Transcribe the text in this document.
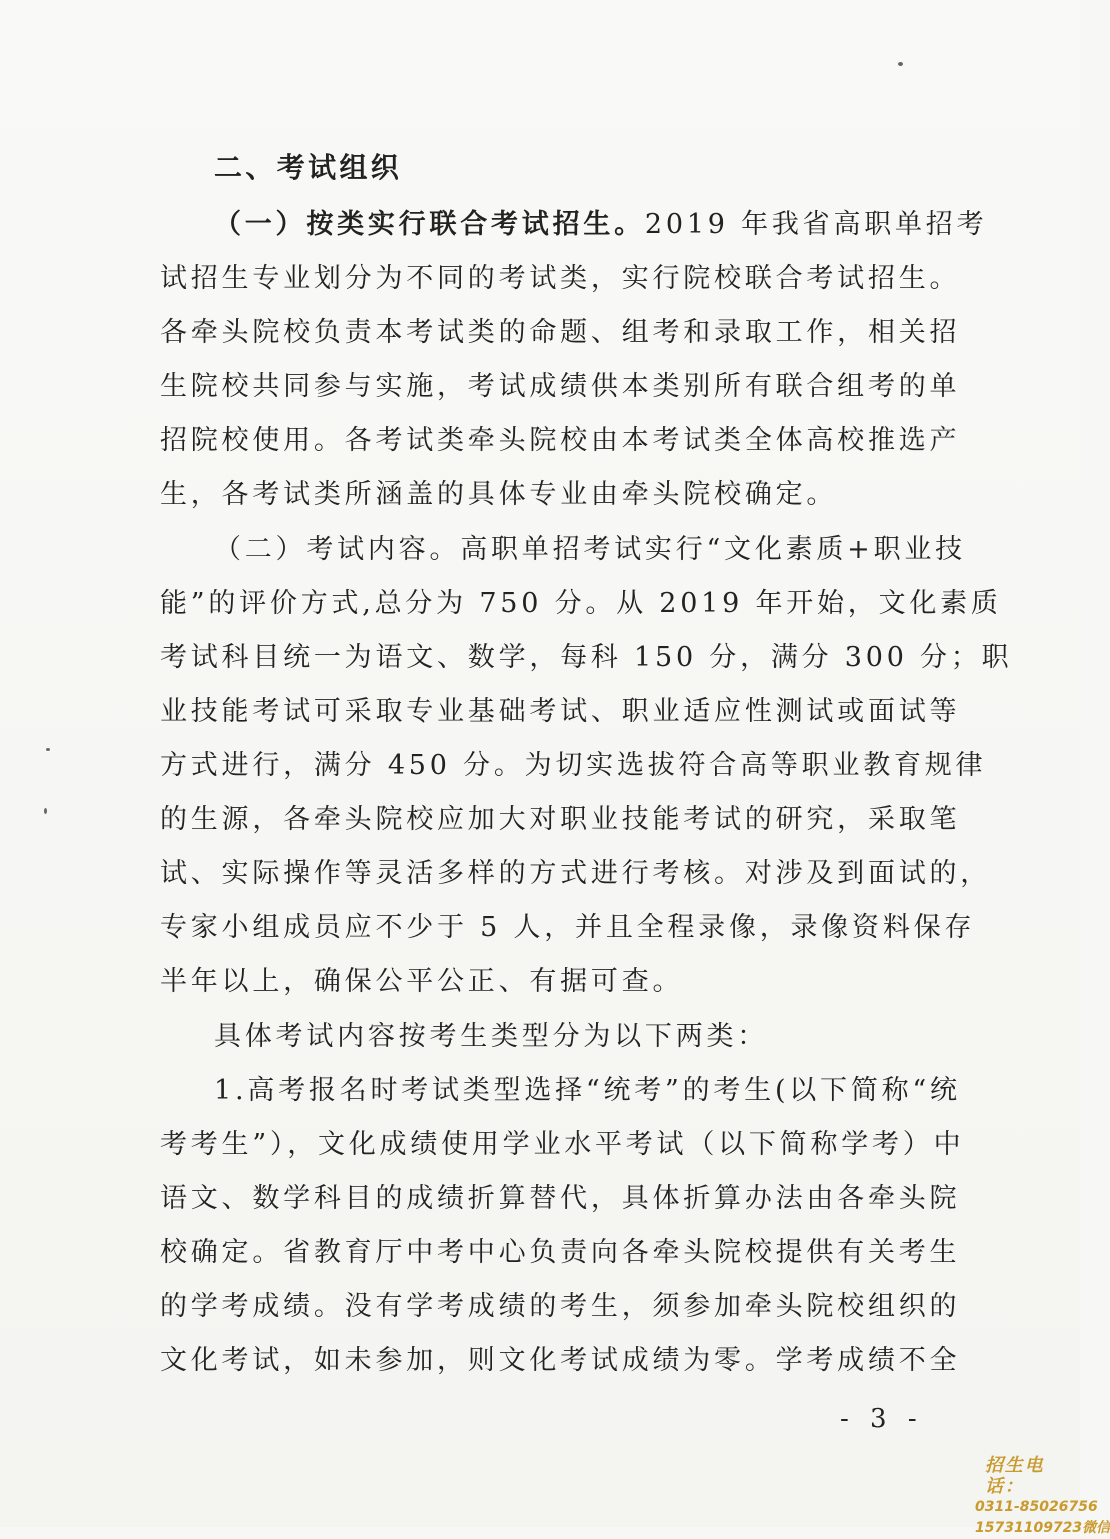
二、考试组织
（一）按类实行联合考试招生。2019 年我省高职单招考
试招生专业划分为不同的考试类，实行院校联合考试招生。
各牵头院校负责本考试类的命题、组考和录取工作，相关招
生院校共同参与实施，考试成绩供本类别所有联合组考的单
招院校使用。各考试类牵头院校由本考试类全体高校推选产
生，各考试类所涵盖的具体专业由牵头院校确定。
（二）考试内容。高职单招考试实行“文化素质+职业技
能”的评价方式,总分为 750 分。从 2019 年开始，文化素质
考试科目统一为语文、数学，每科 150 分，满分 300 分；职
业技能考试可采取专业基础考试、职业适应性测试或面试等
方式进行，满分 450 分。为切实选拔符合高等职业教育规律
的生源，各牵头院校应加大对职业技能考试的研究，采取笔
试、实际操作等灵活多样的方式进行考核。对涉及到面试的，
专家小组成员应不少于 5 人，并且全程录像，录像资料保存
半年以上，确保公平公正、有据可查。
具体考试内容按考生类型分为以下两类：
1.高考报名时考试类型选择“统考”的考生(以下简称“统
考考生”），文化成绩使用学业水平考试（以下简称学考）中
语文、数学科目的成绩折算替代，具体折算办法由各牵头院
校确定。省教育厅中考中心负责向各牵头院校提供有关考生
的学考成绩。没有学考成绩的考生，须参加牵头院校组织的
文化考试，如未参加，则文化考试成绩为零。学考成绩不全
- 3 -
招生电话：
0311-85026756
15731109723微信
